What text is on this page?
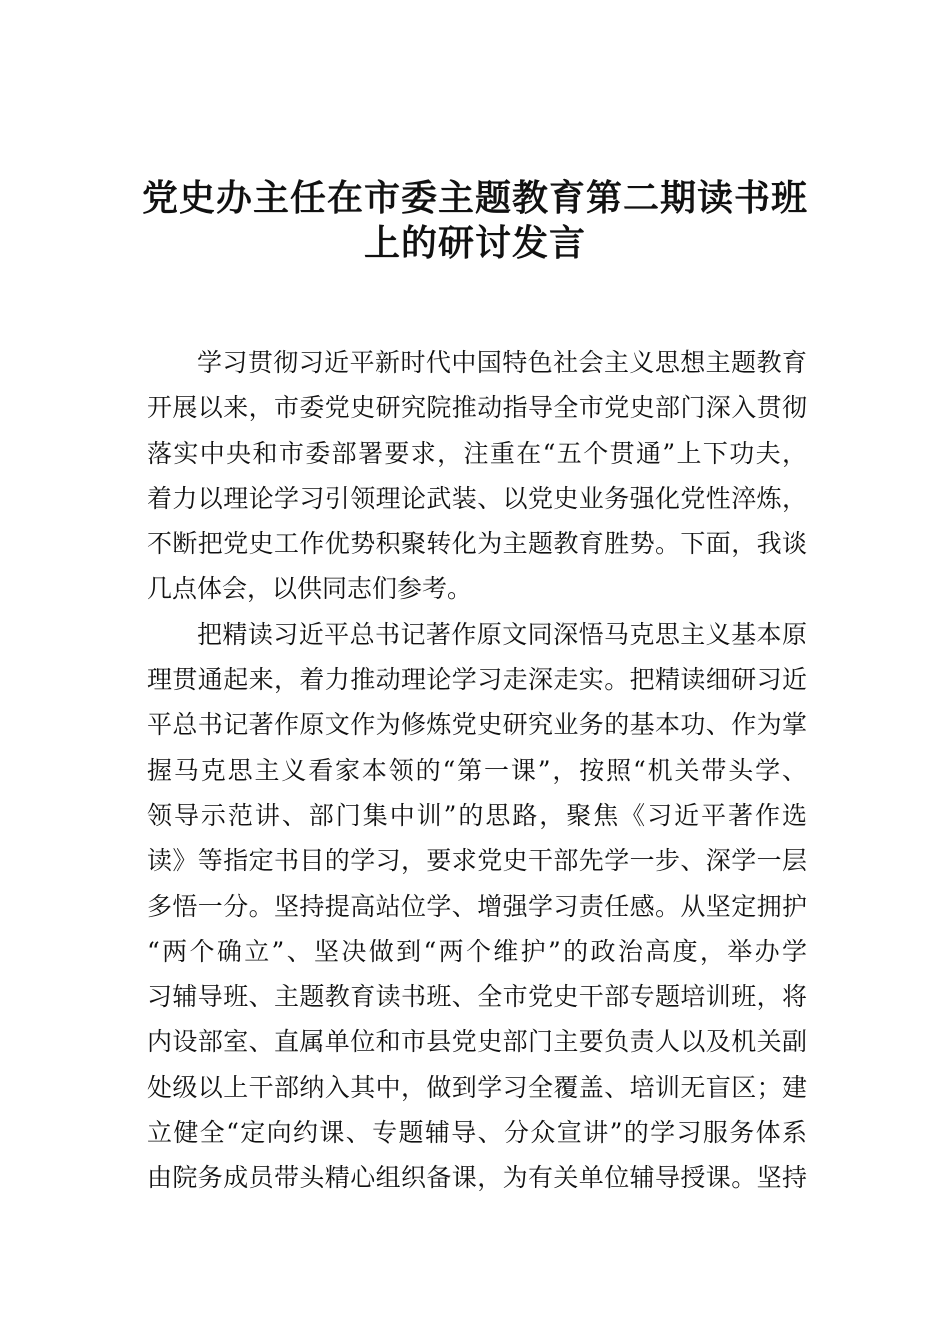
党史办主任在市委主题教育第二期读书班
上的研讨发言
学习贯彻习近平新时代中国特色社会主义思想主题教育
开展以来，市委党史研究院推动指导全市党史部门深入贯彻
落实中央和市委部署要求，注重在“五个贯通”上下功夫，
着力以理论学习引领理论武装、以党史业务强化党性淬炼，
不断把党史工作优势积聚转化为主题教育胜势。下面，我谈
几点体会，以供同志们参考。
把精读习近平总书记著作原文同深悟马克思主义基本原
理贯通起来，着力推动理论学习走深走实。把精读细研习近
平总书记著作原文作为修炼党史研究业务的基本功、作为掌
握马克思主义看家本领的“第一课”，按照“机关带头学、
领导示范讲、部门集中训”的思路，聚焦《习近平著作选
读》等指定书目的学习，要求党史干部先学一步、深学一层
多悟一分。坚持提高站位学、增强学习责任感。从坚定拥护
“两个确立”、坚决做到“两个维护”的政治高度，举办学
习辅导班、主题教育读书班、全市党史干部专题培训班，将
内设部室、直属单位和市县党史部门主要负责人以及机关副
处级以上干部纳入其中，做到学习全覆盖、培训无盲区；建
立健全“定向约课、专题辅导、分众宣讲”的学习服务体系
由院务成员带头精心组织备课，为有关单位辅导授课。坚持
